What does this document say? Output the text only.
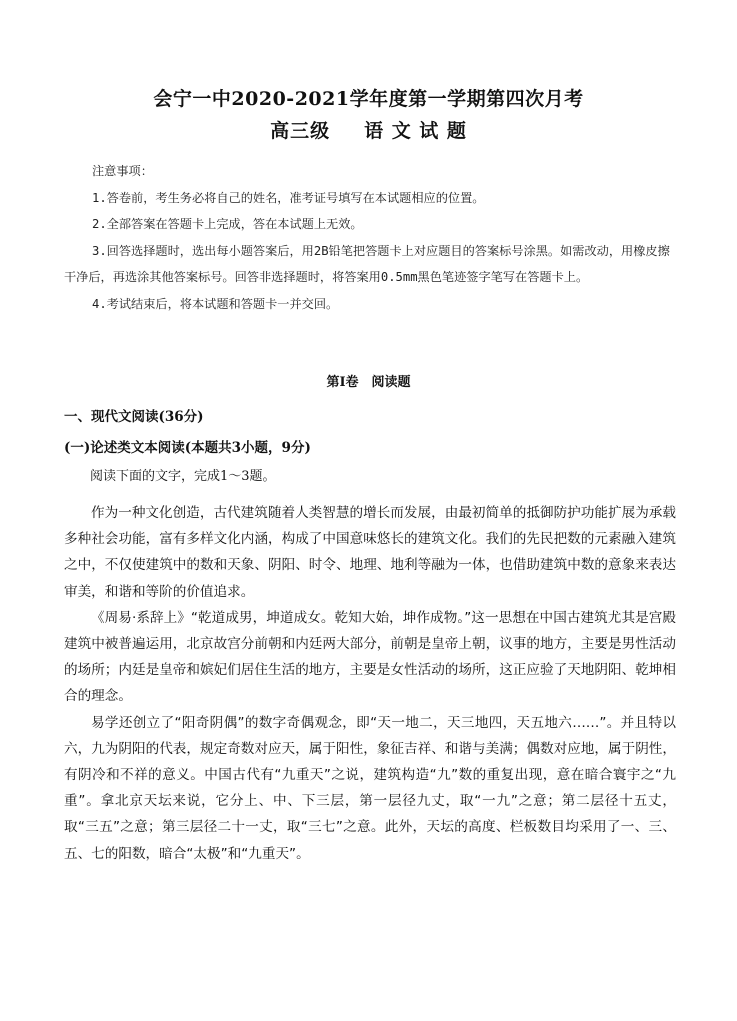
会宁一中2020-2021学年度第一学期第四次月考
高三级 语 文 试 题

注意事项：

1.答卷前，考生务必将自己的姓名，准考证号填写在本试题相应的位置。

2.全部答案在答题卡上完成，答在本试题上无效。

3.回答选择题时，选出每小题答案后，用2B铅笔把答题卡上对应题目的答案标号涂黑。如需改动，用橡皮擦干净后，再选涂其他答案标号。回答非选择题时，将答案用0.5mm黑色笔迹签字笔写在答题卡上。

4.考试结束后，将本试题和答题卡一并交回。

第Ⅰ卷　阅读题
一、现代文阅读(36分)
(一)论述类文本阅读(本题共3小题，9分)
阅读下面的文字，完成1～3题。

作为一种文化创造，古代建筑随着人类智慧的增长而发展，由最初简单的抵御防护功能扩展为承载多种社会功能，富有多样文化内涵，构成了中国意味悠长的建筑文化。我们的先民把数的元素融入建筑之中，不仅使建筑中的数和天象、阴阳、时令、地理、地利等融为一体，也借助建筑中数的意象来表达审美，和谐和等阶的价值追求。

《周易·系辞上》“乾道成男，坤道成女。乾知大始，坤作成物。”这一思想在中国古建筑尤其是宫殿建筑中被普遍运用，北京故宫分前朝和内廷两大部分，前朝是皇帝上朝，议事的地方，主要是男性活动的场所；内廷是皇帝和嫔妃们居住生活的地方，主要是女性活动的场所，这正应验了天地阴阳、乾坤相合的理念。

易学还创立了“阳奇阴偶”的数字奇偶观念，即“天一地二，天三地四，天五地六……”。并且特以六，九为阴阳的代表，规定奇数对应天，属于阳性，象征吉祥、和谐与美满；偶数对应地，属于阴性，有阴冷和不祥的意义。中国古代有“九重天”之说，建筑构造“九”数的重复出现，意在暗合寰宇之“九重”。拿北京天坛来说，它分上、中、下三层，第一层径九丈，取“一九”之意；第二层径十五丈，取“三五”之意；第三层径二十一丈，取“三七”之意。此外，天坛的高度、栏板数目均采用了一、三、五、七的阳数，暗合“太极”和“九重天”。
